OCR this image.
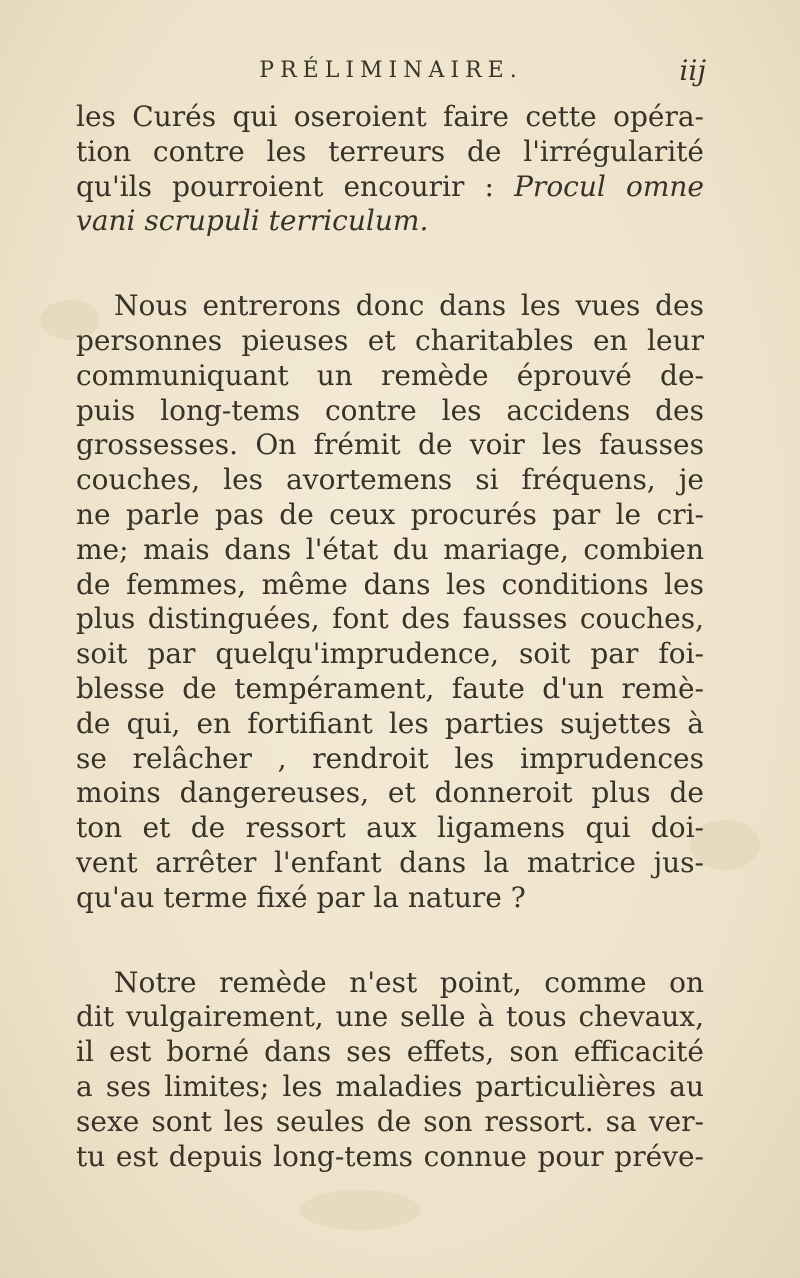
PRÉLIMINAIRE.	iij
les Curés qui oseroient faire cette opéra-
tion contre les terreurs de l'irrégularité
qu'ils pourroient encourir : Procul omne
vani scrupuli terriculum.
Nous entrerons donc dans les vues des
personnes pieuses et charitables en leur
communiquant un remède éprouvé de-
puis long-tems contre les accidens des
grossesses. On frémit de voir les fausses
couches, les avortemens si fréquens, je
ne parle pas de ceux procurés par le cri-
me; mais dans l'état du mariage, combien
de femmes, même dans les conditions les
plus distinguées, font des fausses couches,
soit par quelqu'imprudence, soit par foi-
blesse de tempérament, faute d'un remè-
de qui, en fortifiant les parties sujettes à
se relâcher , rendroit les imprudences
moins dangereuses, et donneroit plus de
ton et de ressort aux ligamens qui doi-
vent arrêter l'enfant dans la matrice jus-
qu'au terme fixé par la nature ?
Notre remède n'est point, comme on
dit vulgairement, une selle à tous chevaux,
il est borné dans ses effets, son efficacité
a ses limites; les maladies particulières au
sexe sont les seules de son ressort. sa ver-
tu est depuis long-tems connue pour préve-
